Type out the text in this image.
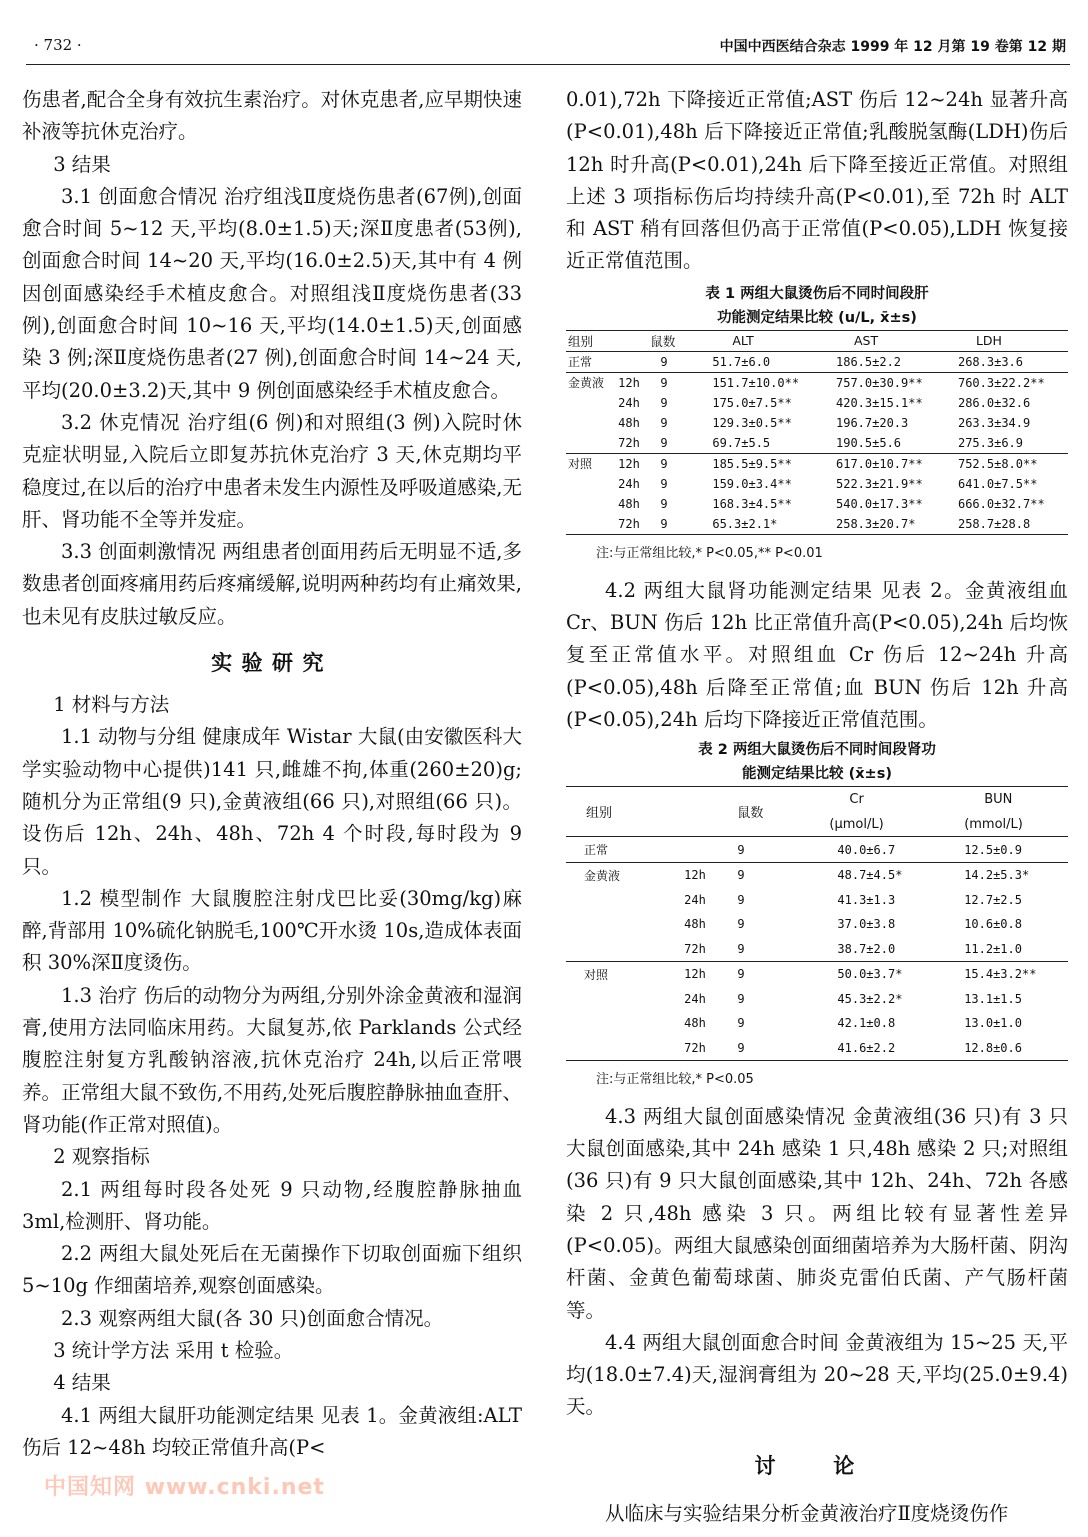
· 732 ·	中国中西医结合杂志 1999 年 12 月第 19 卷第 12 期

伤患者,配合全身有效抗生素治疗。对休克患者,应早期快速补液等抗休克治疗。

3 结果

3.1 创面愈合情况 治疗组浅Ⅱ度烧伤患者(67例),创面愈合时间 5~12 天,平均(8.0±1.5)天;深Ⅱ度患者(53例),创面愈合时间 14~20 天,平均(16.0±2.5)天,其中有 4 例因创面感染经手术植皮愈合。对照组浅Ⅱ度烧伤患者(33例),创面愈合时间 10~16 天,平均(14.0±1.5)天,创面感染 3 例;深Ⅱ度烧伤患者(27 例),创面愈合时间 14~24 天,平均(20.0±3.2)天,其中 9 例创面感染经手术植皮愈合。

3.2 休克情况 治疗组(6 例)和对照组(3 例)入院时休克症状明显,入院后立即复苏抗休克治疗 3 天,休克期均平稳度过,在以后的治疗中患者未发生内源性及呼吸道感染,无肝、肾功能不全等并发症。

3.3 创面刺激情况 两组患者创面用药后无明显不适,多数患者创面疼痛用药后疼痛缓解,说明两种药均有止痛效果,也未见有皮肤过敏反应。

实验研究

1 材料与方法

1.1 动物与分组 健康成年 Wistar 大鼠(由安徽医科大学实验动物中心提供)141 只,雌雄不拘,体重(260±20)g;随机分为正常组(9 只),金黄液组(66 只),对照组(66 只)。设伤后 12h、24h、48h、72h 4 个时段,每时段为 9 只。

1.2 模型制作 大鼠腹腔注射戊巴比妥(30mg/kg)麻醉,背部用 10%硫化钠脱毛,100℃开水烫 10s,造成体表面积 30%深Ⅱ度烫伤。

1.3 治疗 伤后的动物分为两组,分别外涂金黄液和湿润膏,使用方法同临床用药。大鼠复苏,依 Parklands 公式经腹腔注射复方乳酸钠溶液,抗休克治疗 24h,以后正常喂养。正常组大鼠不致伤,不用药,处死后腹腔静脉抽血查肝、肾功能(作正常对照值)。

2 观察指标

2.1 两组每时段各处死 9 只动物,经腹腔静脉抽血 3ml,检测肝、肾功能。

2.2 两组大鼠处死后在无菌操作下切取创面痂下组织 5~10g 作细菌培养,观察创面感染。

2.3 观察两组大鼠(各 30 只)创面愈合情况。

3 统计学方法 采用 t 检验。

4 结果

4.1 两组大鼠肝功能测定结果 见表 1。金黄液组:ALT 伤后 12~48h 均较正常值升高(P<

0.01),72h 下降接近正常值;AST 伤后 12~24h 显著升高(P<0.01),48h 后下降接近正常值;乳酸脱氢酶(LDH)伤后 12h 时升高(P<0.01),24h 后下降至接近正常值。对照组上述 3 项指标伤后均持续升高(P<0.01),至 72h 时 ALT 和 AST 稍有回落但仍高于正常值(P<0.05),LDH 恢复接近正常值范围。

表 1 两组大鼠烫伤后不同时间段肝

功能测定结果比较 (u/L, x̄±s)

组别		鼠数	ALT	AST	LDH
正常		9	51.7±6.0	186.5±2.2	268.3±3.6
金黄液	12h	9	151.7±10.0**	757.0±30.9**	760.3±22.2**
	24h	9	175.0±7.5**	420.3±15.1**	286.0±32.6
	48h	9	129.3±0.5**	196.7±20.3	263.3±34.9
	72h	9	69.7±5.5	190.5±5.6	275.3±6.9
对照	12h	9	185.5±9.5**	617.0±10.7**	752.5±8.0**
	24h	9	159.0±3.4**	522.3±21.9**	641.0±7.5**
	48h	9	168.3±4.5**	540.0±17.3**	666.0±32.7**
	72h	9	65.3±2.1*	258.3±20.7*	258.7±28.8
注:与正常组比较,* P<0.05,** P<0.01

4.2 两组大鼠肾功能测定结果 见表 2。金黄液组血 Cr、BUN 伤后 12h 比正常值升高(P<0.05),24h 后均恢复至正常值水平。对照组血 Cr 伤后 12~24h 升高(P<0.05),48h 后降至正常值;血 BUN 伤后 12h 升高(P<0.05),24h 后均下降接近正常值范围。

表 2 两组大鼠烫伤后不同时间段肾功

能测定结果比较 (x̄±s)

组别		鼠数	Cr	BUN
			(μmol/L)	(mmol/L)
正常		9	40.0±6.7	12.5±0.9
金黄液	12h	9	48.7±4.5*	14.2±5.3*
	24h	9	41.3±1.3	12.7±2.5
	48h	9	37.0±3.8	10.6±0.8
	72h	9	38.7±2.0	11.2±1.0
对照	12h	9	50.0±3.7*	15.4±3.2**
	24h	9	45.3±2.2*	13.1±1.5
	48h	9	42.1±0.8	13.0±1.0
	72h	9	41.6±2.2	12.8±0.6
注:与正常组比较,* P<0.05

4.3 两组大鼠创面感染情况 金黄液组(36 只)有 3 只大鼠创面感染,其中 24h 感染 1 只,48h 感染 2 只;对照组(36 只)有 9 只大鼠创面感染,其中 12h、24h、72h 各感染 2 只,48h 感染 3 只。两组比较有显著性差异(P<0.05)。两组大鼠感染创面细菌培养为大肠杆菌、阴沟杆菌、金黄色葡萄球菌、肺炎克雷伯氏菌、产气肠杆菌等。

4.4 两组大鼠创面愈合时间 金黄液组为 15~25 天,平均(18.0±7.4)天,湿润膏组为 20~28 天,平均(25.0±9.4)天。

讨 论

从临床与实验结果分析金黄液治疗Ⅱ度烧烫伤作

中国知网 www.cnki.net
